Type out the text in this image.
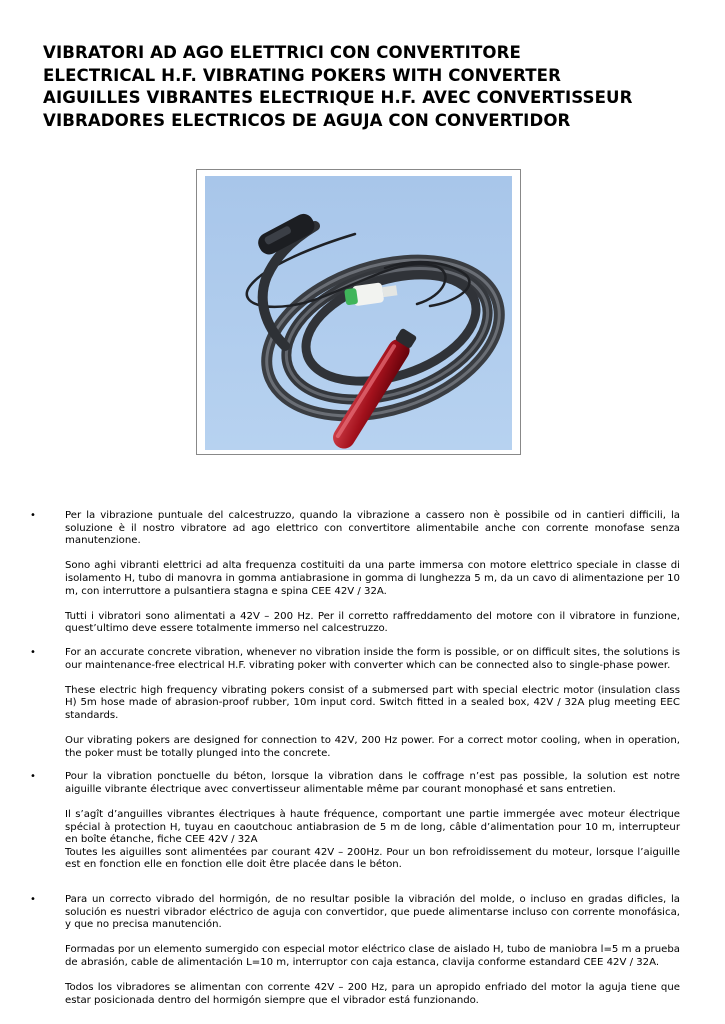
VIBRATORI AD AGO ELETTRICI CON CONVERTITORE
ELECTRICAL H.F. VIBRATING POKERS WITH CONVERTER
AIGUILLES VIBRANTES ELECTRIQUE H.F. AVEC CONVERTISSEUR
VIBRADORES ELECTRICOS DE AGUJA CON CONVERTIDOR
•	Per la vibrazione puntuale del calcestruzzo, quando la vibrazione a cassero non è possibile od in cantieri difficili, la soluzione è il nostro vibratore ad ago elettrico con convertitore alimentabile anche con corrente monofase senza manutenzione.

Sono aghi vibranti elettrici ad alta frequenza costituiti da una parte immersa con motore elettrico speciale in classe di isolamento H, tubo di manovra in gomma antiabrasione in gomma di lunghezza 5 m, da un cavo di alimentazione per 10 m, con interruttore a pulsantiera stagna e spina CEE 42V / 32A.

Tutti i vibratori sono alimentati a 42V – 200 Hz. Per il corretto raffreddamento del motore con il vibratore in funzione, quest’ultimo deve essere totalmente immerso nel calcestruzzo.

•	For an accurate concrete vibration, whenever no vibration inside the form is possible, or on difficult sites, the solutions is our maintenance-free electrical H.F. vibrating poker with converter which can be connected also to single-phase power.

These electric high frequency vibrating pokers consist of a submersed part with special electric motor (insulation class H) 5m hose made of abrasion-proof rubber, 10m input cord. Switch fitted in a sealed box, 42V / 32A plug meeting EEC standards.

Our vibrating pokers are designed for connection to 42V, 200 Hz power. For a correct motor cooling, when in operation, the poker must be totally plunged into the concrete.

•	Pour la vibration ponctuelle du béton, lorsque la vibration dans le coffrage n’est pas possible, la solution est notre aiguille vibrante électrique avec convertisseur alimentable même par courant monophasé et sans entretien.

Il s’agît d’anguilles vibrantes électriques à haute fréquence, comportant une partie immergée avec moteur électrique spécial à protection H, tuyau en caoutchouc antiabrasion de 5 m de long, câble d’alimentation pour 10 m, interrupteur en boîte étanche, fiche CEE 42V / 32A

Toutes les aiguilles sont alimentées par courant 42V – 200Hz. Pour un bon refroidissement du moteur, lorsque l’aiguille est en fonction elle en fonction elle doit être placée dans le béton.

•	Para un correcto vibrado del hormigón, de no resultar posible la vibración del molde, o incluso en gradas dificles, la solución es nuestri vibrador eléctrico de aguja con convertidor, que puede alimentarse incluso con corrente monofásica, y que no precisa manutención.

Formadas por un elemento sumergido con especial motor eléctrico clase de aislado H, tubo de maniobra l=5 m a prueba de abrasión, cable de alimentación L=10 m, interruptor con caja estanca, clavija conforme estandard CEE 42V / 32A.

Todos los vibradores se alimentan con corrente 42V – 200 Hz, para un apropido enfriado del motor la aguja tiene que estar posicionada dentro del hormigón siempre que el vibrador está funzionando.
